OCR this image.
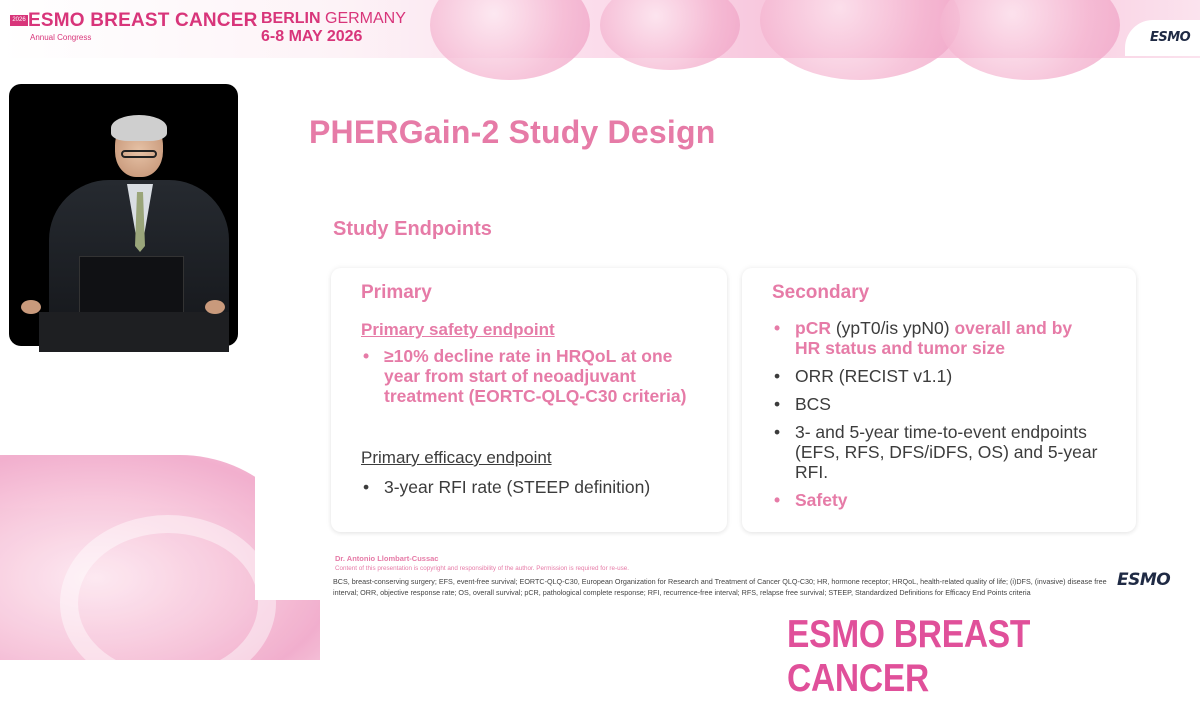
2026 ESMO BREAST CANCER
Annual Congress
BERLIN GERMANY
6-8 MAY 2026	ESMO
PHERGain-2 Study Design
Study Endpoints
Primary
Primary safety endpoint
• ≥10% decline rate in HRQoL at one year from start of neoadjuvant treatment (EORTC-QLQ-C30 criteria)
Primary efficacy endpoint
• 3-year RFI rate (STEEP definition)
Secondary
• pCR (ypT0/is ypN0) overall and by HR status and tumor size
• ORR (RECIST v1.1)
• BCS
• 3- and 5-year time-to-event endpoints (EFS, RFS, DFS/iDFS, OS) and 5-year RFI.
• Safety
Dr. Antonio Llombart-Cussac
Content of this presentation is copyright and responsibility of the author. Permission is required for re-use.
BCS, breast-conserving surgery; EFS, event-free survival; EORTC-QLQ-C30, European Organization for Research and Treatment of Cancer QLQ-C30; HR, hormone receptor; HRQoL, health-related quality of life; (i)DFS, (invasive) disease free interval; ORR, objective response rate; OS, overall survival; pCR, pathological complete response; RFI, recurrence-free interval; RFS, relapse free survival; STEEP, Standardized Definitions for Efficacy End Points criteria
ESMO
ESMO BREAST CANCER
